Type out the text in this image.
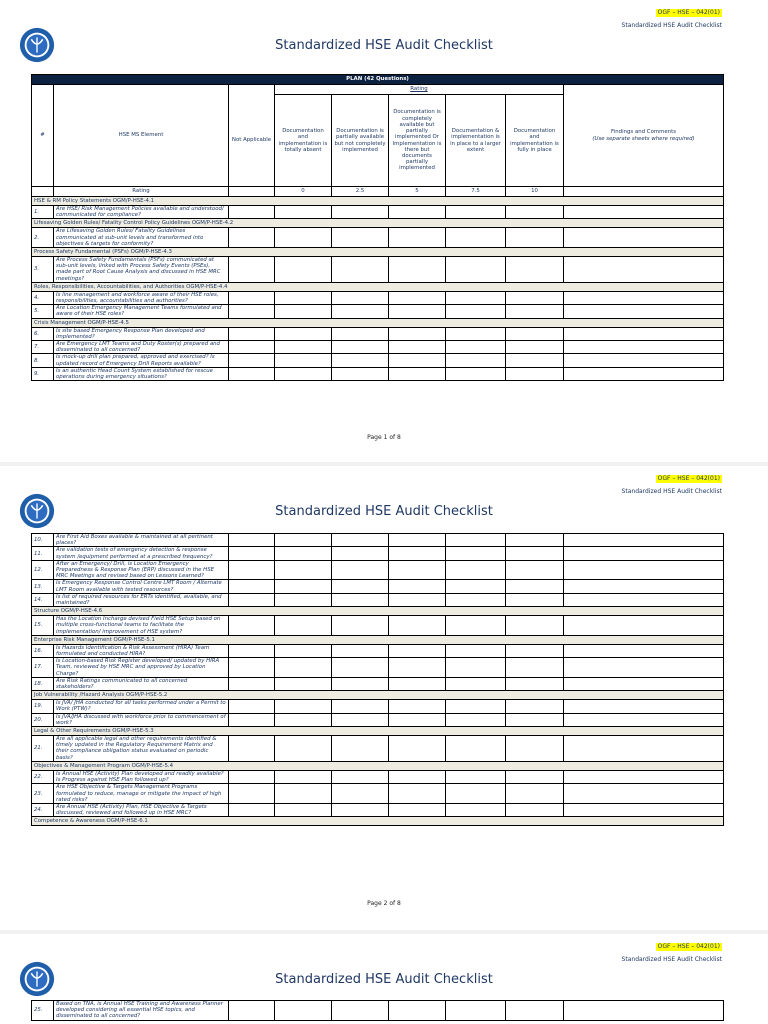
OGF – HSE – 042(01)
Standardized HSE Audit Checklist
Standardized HSE Audit Checklist
PLAN (42 Questions)								
#	HSE MS Element		Rating					Findings and Comments
(Use separate sheets where required)

		Not Applicable	Documentation and implementation is totally absent	Documentation is partially available but not completely implemented	Documentation is completely available but partially implemented Or Implementation is there but documents partially implemented	Documentation & implementation is in place to a larger extent	Documentation and implementation is fully in place	
	Rating		0	2.5	5	7.5	10	
HSE & RM Policy Statements OGM/P-HSE-4.1								
1.	Are HSE/ Risk Management Policies available and understood/ communicated for compliance?							
Lifesaving Golden Rules/ Fatality Control Policy Guidelines OGM/P-HSE-4.2								
2.	Are Lifesaving Golden Rules/ Fatality Guidelines communicated at sub-unit levels and transformed into objectives & targets for conformity?							
Process Safety Fundamental (PSFs) OGM/P-HSE-4.3								
3.	Are Process Safety Fundamentals (PSFs) communicated at sub-unit levels, linked with Process Safety Events (PSEs), made part of Root Cause Analysis and discussed in HSE MRC meetings?							
Roles, Responsibilities, Accountabilities, and Authorities OGM/P-HSE-4.4								
4.	Is line management and workforce aware of their HSE roles, responsibilities, accountabilities and authorities?							
5.	Are Location Emergency Management Teams formulated and aware of their HSE roles?							
Crisis Management OGM/P-HSE-4.5								
6.	Is site based Emergency Response Plan developed and implemented?							
7.	Are Emergency LMT Teams and Duty Roster(s) prepared and disseminated to all concerned?							
8.	Is mock-up drill plan prepared, approved and exercised? Is updated record of Emergency Drill Reports available?							
9.	Is an authentic Head Count System established for rescue operations during emergency situations?							
Page 1 of 8
OGF – HSE – 042(01)
Standardized HSE Audit Checklist
Standardized HSE Audit Checklist
10.	Are First Aid Boxes available & maintained at all pertinent places?							
11.	Are validation tests of emergency detection & response system /equipment performed at a prescribed frequency?							
12.	After an Emergency/ Drill, is Location Emergency Preparedness & Response Plan (ERP) discussed in the HSE MRC Meetings and revised based on Lessons Learned?							
13.	Is Emergency Response Control Centre LMT Room / Alternate LMT Room available with tested resources?							
14.	Is list of required resources for ERTs identified, available, and maintained?							
Structure OGM/P-HSE-4.6								
15.	Has the Location Incharge devised Field HSE Setup based on multiple cross-functional teams to facilitate the implementation/ improvement of HSE system?							
Enterprise Risk Management OGM/P-HSE-5.1								
16.	Is Hazards Identification & Risk Assessment (HIRA) Team formulated and conducted HIRA?							
17.	Is Location-based Risk Register developed/ updated by HIRA Team, reviewed by HSE MRC and approved by Location Charge?							
18.	Are Risk Ratings communicated to all concerned stakeholders?							
Job Vulnerability /Hazard Analysis OGM/P-HSE-5.2								
19.	Is JVA/ JHA conducted for all tasks performed under a Permit to Work (PTW)?							
20.	Is JVA/JHA discussed with workforce prior to commencement of work?							
Legal & Other Requirements OGM/P-HSE-5.3								
21.	Are all applicable legal and other requirements identified & timely updated in the Regulatory Requirement Matrix and their compliance obligation status evaluated on periodic basis?							
Objectives & Management Program OGM/P-HSE-5.4								
22.	Is Annual HSE (Activity) Plan developed and readily available? Is Progress against HSE Plan followed up?							
23.	Are HSE Objective & Targets Management Programs formulated to reduce, manage or mitigate the impact of high rated risks?							
24.	Are Annual HSE (Activity) Plan, HSE Objective & Targets discussed, reviewed and followed up in HSE MRC?							
Competence & Awareness OGM/P-HSE-6.1								
Page 2 of 8
OGF – HSE – 042(01)
Standardized HSE Audit Checklist
Standardized HSE Audit Checklist
25.	Based on TNA, is Annual HSE Training and Awareness Planner developed considering all essential HSE topics, and disseminated to all concerned?							
